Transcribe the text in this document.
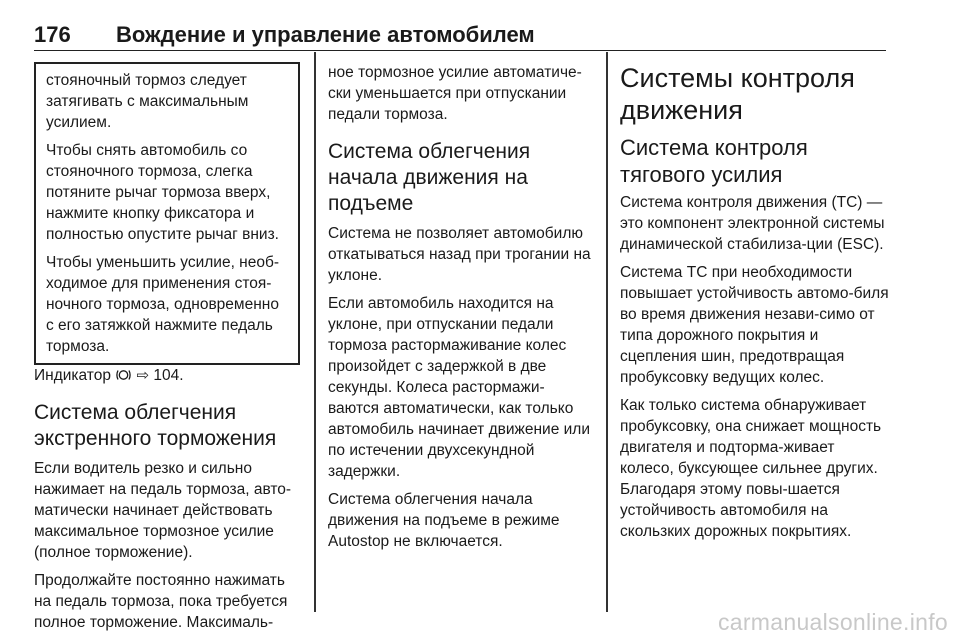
176 Вождение и управление автомобилем

стояночный тормоз следует затягивать с максимальным усилием.

Чтобы снять автомобиль со стояночного тормоза, слегка потяните рычаг тормоза вверх, нажмите кнопку фиксатора и полностью опустите рычаг вниз.

Чтобы уменьшить усилие, необ-ходимое для применения стоя-ночного тормоза, одновременно с его затяжкой нажмите педаль тормоза.

Индикатор ⇨ 104.

Система облегчения экстренного торможения

Если водитель резко и сильно нажимает на педаль тормоза, авто-матически начинает действовать максимальное тормозное усилие (полное торможение).

Продолжайте постоянно нажимать на педаль тормоза, пока требуется полное торможение. Максималь-

ное тормозное усилие автоматиче-ски уменьшается при отпускании педали тормоза.

Система облегчения начала движения на подъеме

Система не позволяет автомобилю откатываться назад при трогании на уклоне.

Если автомобиль находится на уклоне, при отпускании педали тормоза растормаживание колес произойдет с задержкой в две секунды. Колеса растормажи-ваются автоматически, как только автомобиль начинает движение или по истечении двухсекундной задержки.

Система облегчения начала движения на подъеме в режиме Autostop не включается.

Системы контроля движения
Система контроля тягового усилия

Система контроля движения (TC) — это компонент электронной системы динамической стабилиза-ции (ESC).

Система TC при необходимости повышает устойчивость автомо-биля во время движения незави-симо от типа дорожного покрытия и сцепления шин, предотвращая пробуксовку ведущих колес.

Как только система обнаруживает пробуксовку, она снижает мощность двигателя и подторма-живает колесо, буксующее сильнее других. Благодаря этому повы-шается устойчивость автомобиля на скользких дорожных покрытиях.

carmanualsonline.info
